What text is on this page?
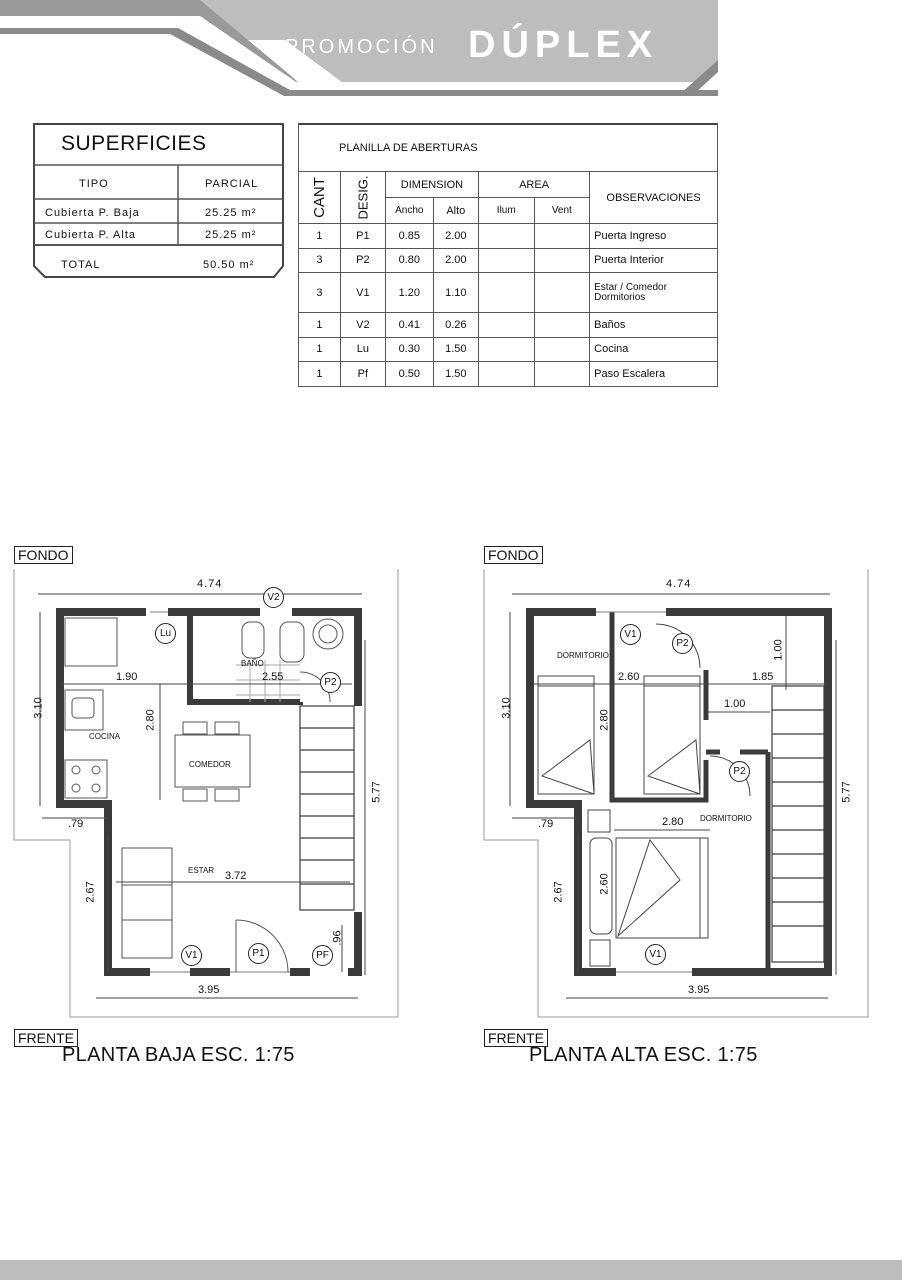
PROMOCIÓN DÚPLEX
SUPERFICIES
TIPO	PARCIAL
Cubierta P. Baja	25.25 m²
Cubierta P. Alta	25.25 m²
TOTAL	50.50 m²
PLANILLA DE ABERTURAS						

CANT	DESIG.	DIMENSION		AREA		OBSERVACIONES
		Ancho	Alto	Ilum	Vent	
1	P1	0.85	2.00			Puerta Ingreso
3	P2	0.80	2.00			Puerta Interior
3	V1	1.20	1.10			Estar / Comedor Dormitorios
1	V2	0.41	0.26			Baños
1	Lu	0.30	1.50			Cocina
1	Pf	0.50	1.50			Paso Escalera
FONDO
4.74
3.10
2.67
5.77
3.95
.79
1.90	2.55
2.80
3.72
.96
COCINA
BAÑO
COMEDOR
ESTAR
V2
Lu
P2
V1	P1	PF
FRENTE
PLANTA BAJA ESC. 1:75
FONDO
4.74
3.10
2.67
5.77
3.95
.79
2.60
2.80
1.85
1.00
1.00
2.80
2.60
DORMITORIO
DORMITORIO
V1
P2
P2
V1
FRENTE
PLANTA ALTA ESC. 1:75
